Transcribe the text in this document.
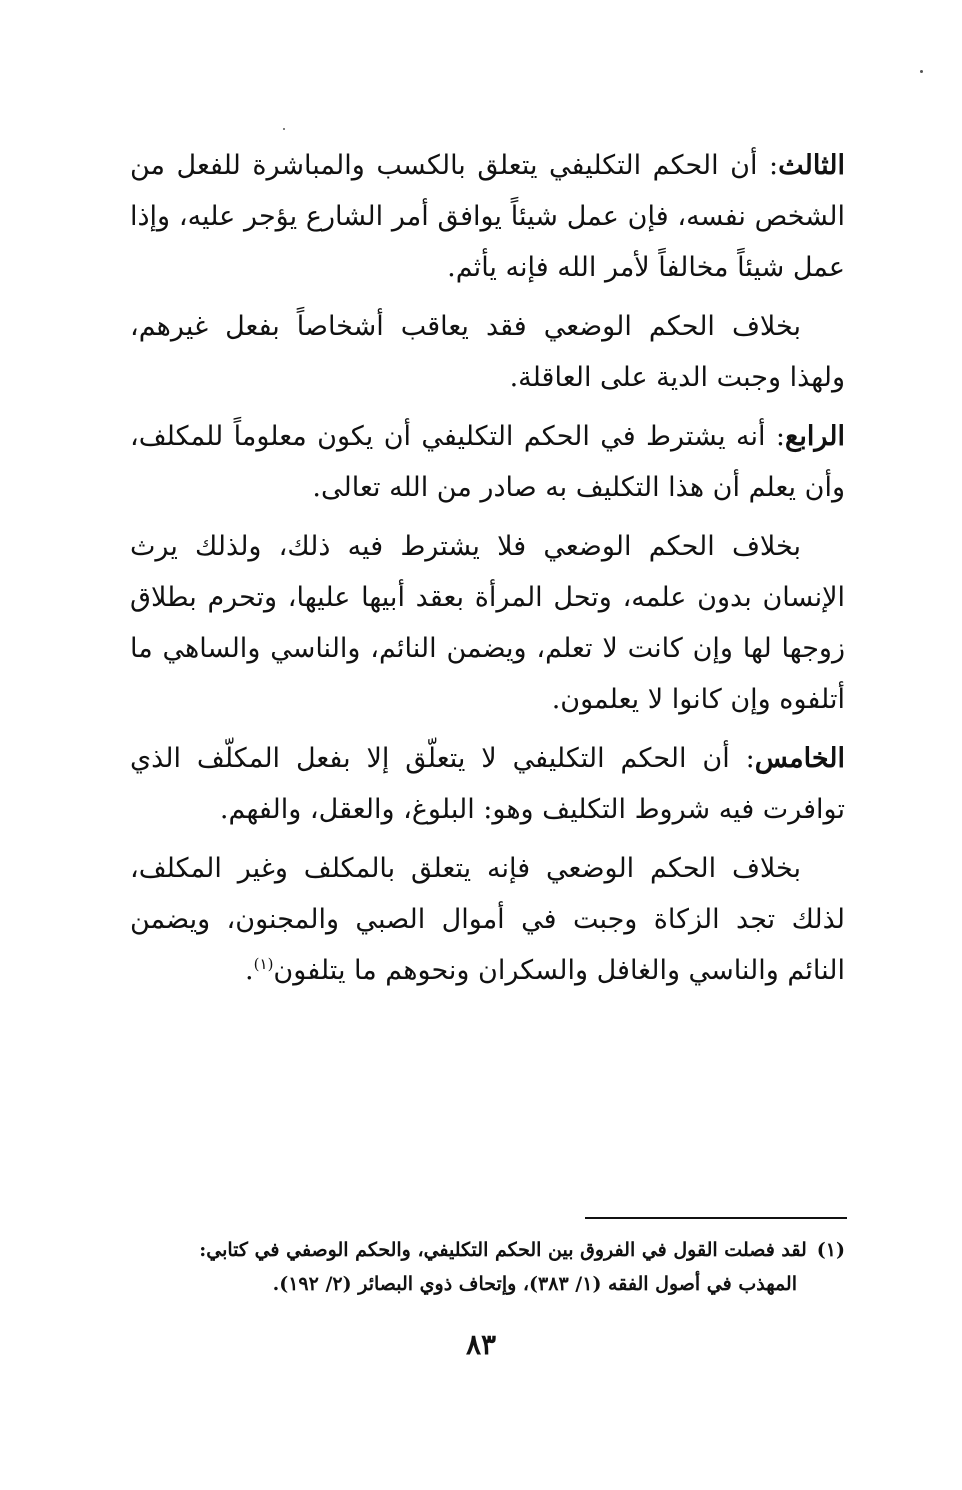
الثالث: أن الحكم التكليفي يتعلق بالكسب والمباشرة للفعل من الشخص نفسه، فإن عمل شيئاً يوافق أمر الشارع يؤجر عليه، وإذا عمل شيئاً مخالفاً لأمر الله فإنه يأثم.

بخلاف الحكم الوضعي فقد يعاقب أشخاصاً بفعل غيرهم، ولهذا وجبت الدية على العاقلة.

الرابع: أنه يشترط في الحكم التكليفي أن يكون معلوماً للمكلف، وأن يعلم أن هذا التكليف به صادر من الله تعالى.

بخلاف الحكم الوضعي فلا يشترط فيه ذلك، ولذلك يرث الإنسان بدون علمه، وتحل المرأة بعقد أبيها عليها، وتحرم بطلاق زوجها لها وإن كانت لا تعلم، ويضمن النائم، والناسي والساهي ما أتلفوه وإن كانوا لا يعلمون.

الخامس: أن الحكم التكليفي لا يتعلّق إلا بفعل المكلّف الذي توافرت فيه شروط التكليف وهو: البلوغ، والعقل، والفهم.

بخلاف الحكم الوضعي فإنه يتعلق بالمكلف وغير المكلف، لذلك تجد الزكاة وجبت في أموال الصبي والمجنون، ويضمن النائم والناسي والغافل والسكران ونحوهم ما يتلفون$^{(١)}$.

(١)لقد فصلت القول في الفروق بين الحكم التكليفي، والحكم الوصفي في كتابي:
المهذب في أصول الفقه (١/ ٣٨٣)، وإتحاف ذوي البصائر (٢/ ١٩٢).
٨٣
